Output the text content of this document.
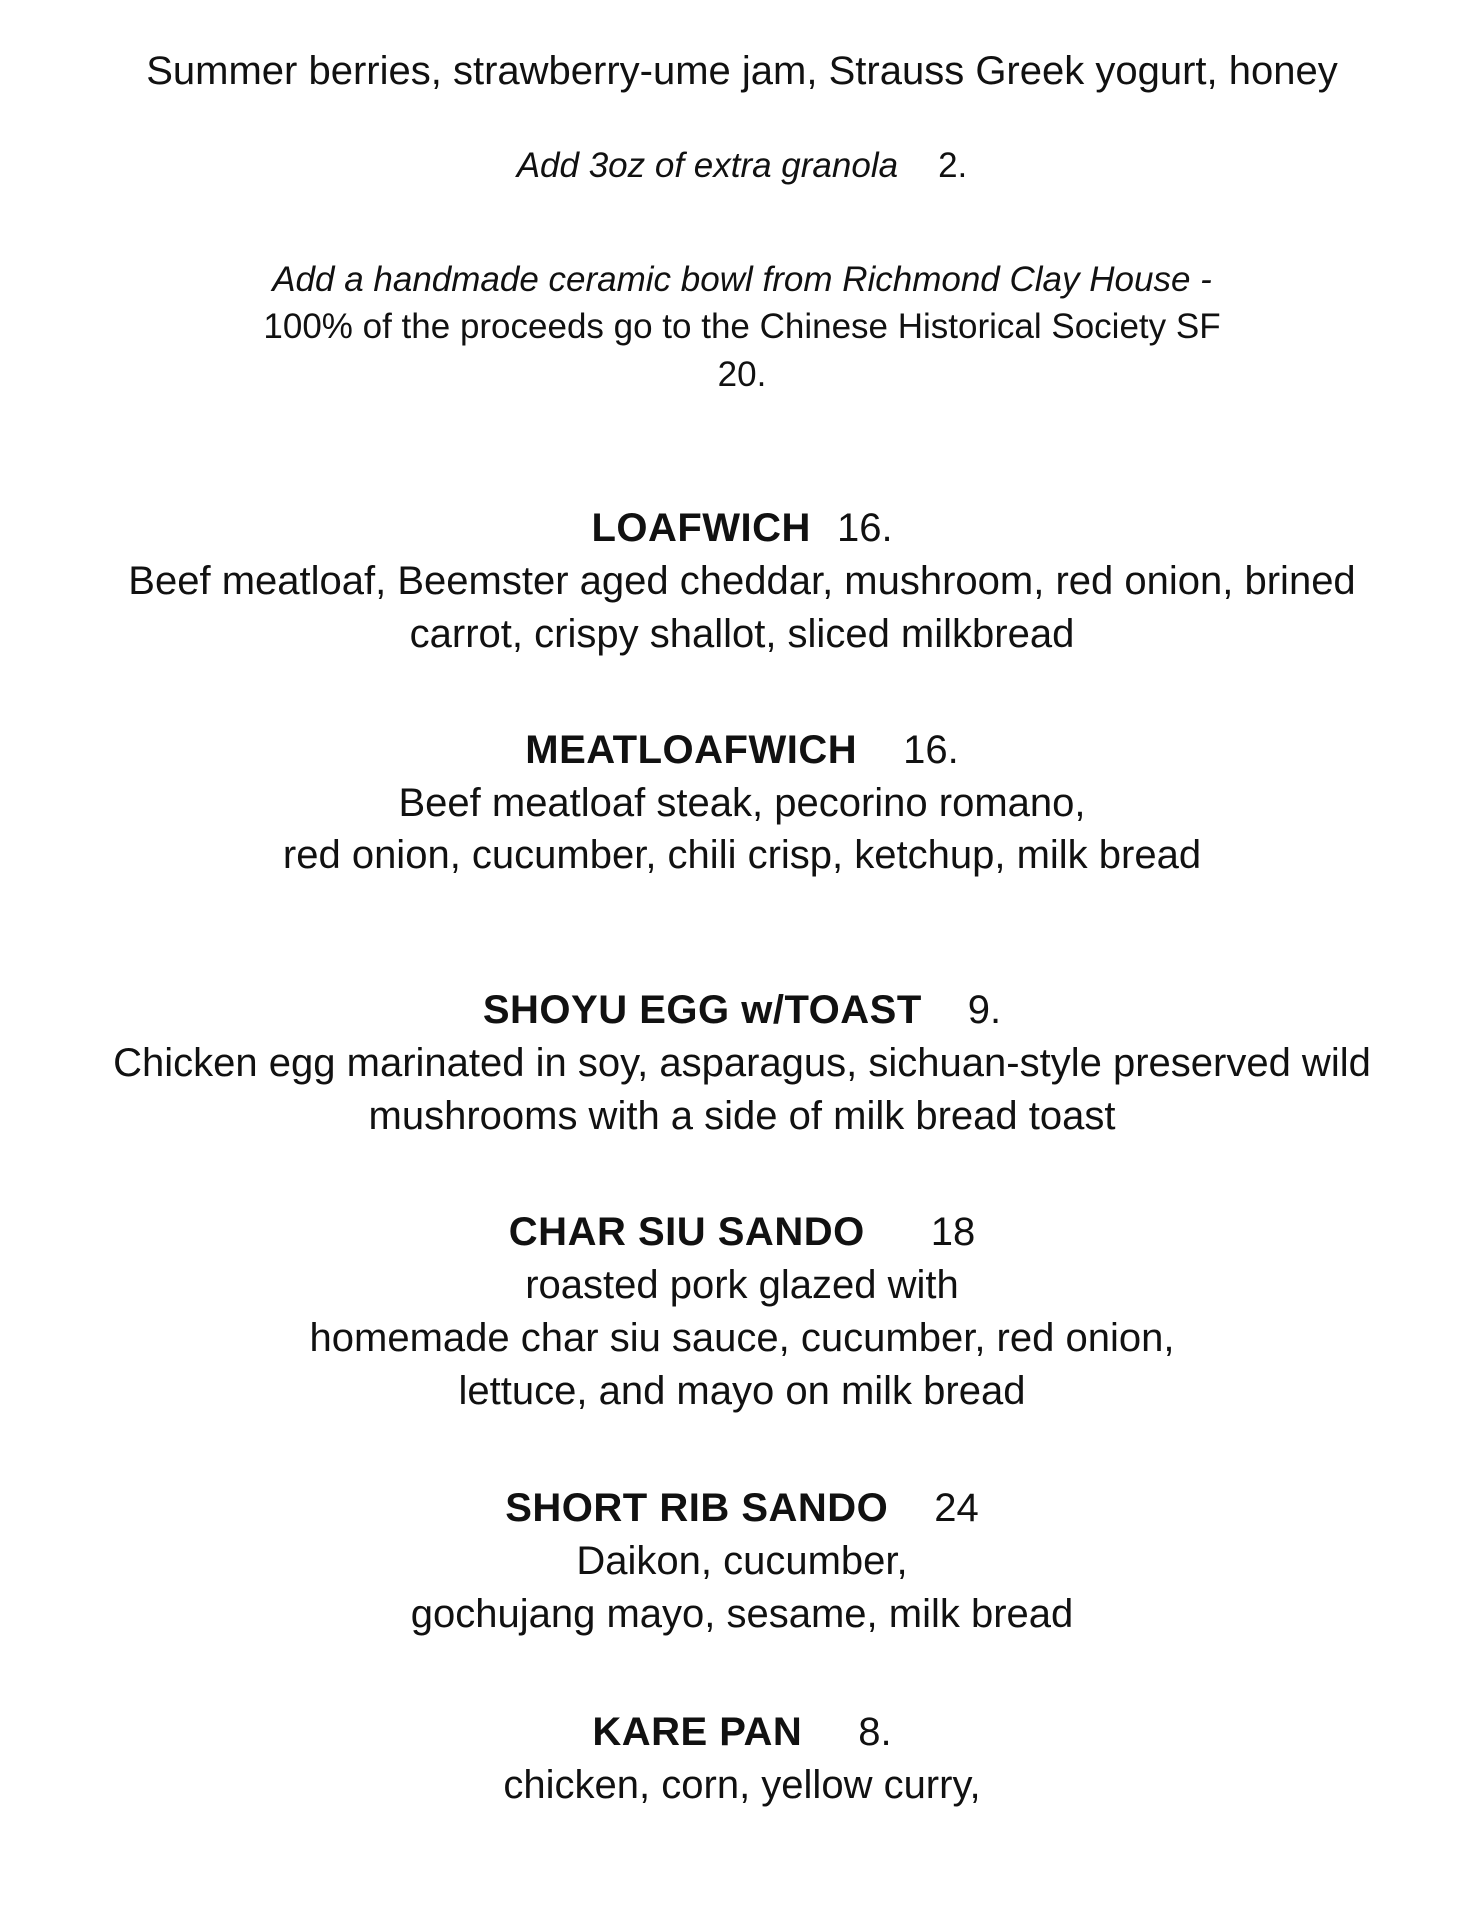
Summer berries, strawberry-ume jam, Strauss Greek yogurt, honey
Add 3oz of extra granola 2.
Add a handmade ceramic bowl from Richmond Clay House -
100% of the proceeds go to the Chinese Historical Society SF
20.
LOAFWICH 16.
Beef meatloaf, Beemster aged cheddar, mushroom, red onion, brined
carrot, crispy shallot, sliced milkbread
MEATLOAFWICH 16.
Beef meatloaf steak, pecorino romano,
red onion, cucumber, chili crisp, ketchup, milk bread
SHOYU EGG w/TOAST 9.
Chicken egg marinated in soy, asparagus, sichuan-style preserved wild
mushrooms with a side of milk bread toast
CHAR SIU SANDO 18
roasted pork glazed with
homemade char siu sauce, cucumber, red onion,
lettuce, and mayo on milk bread
SHORT RIB SANDO 24
Daikon, cucumber,
gochujang mayo, sesame, milk bread
KARE PAN 8.
chicken, corn, yellow curry,
